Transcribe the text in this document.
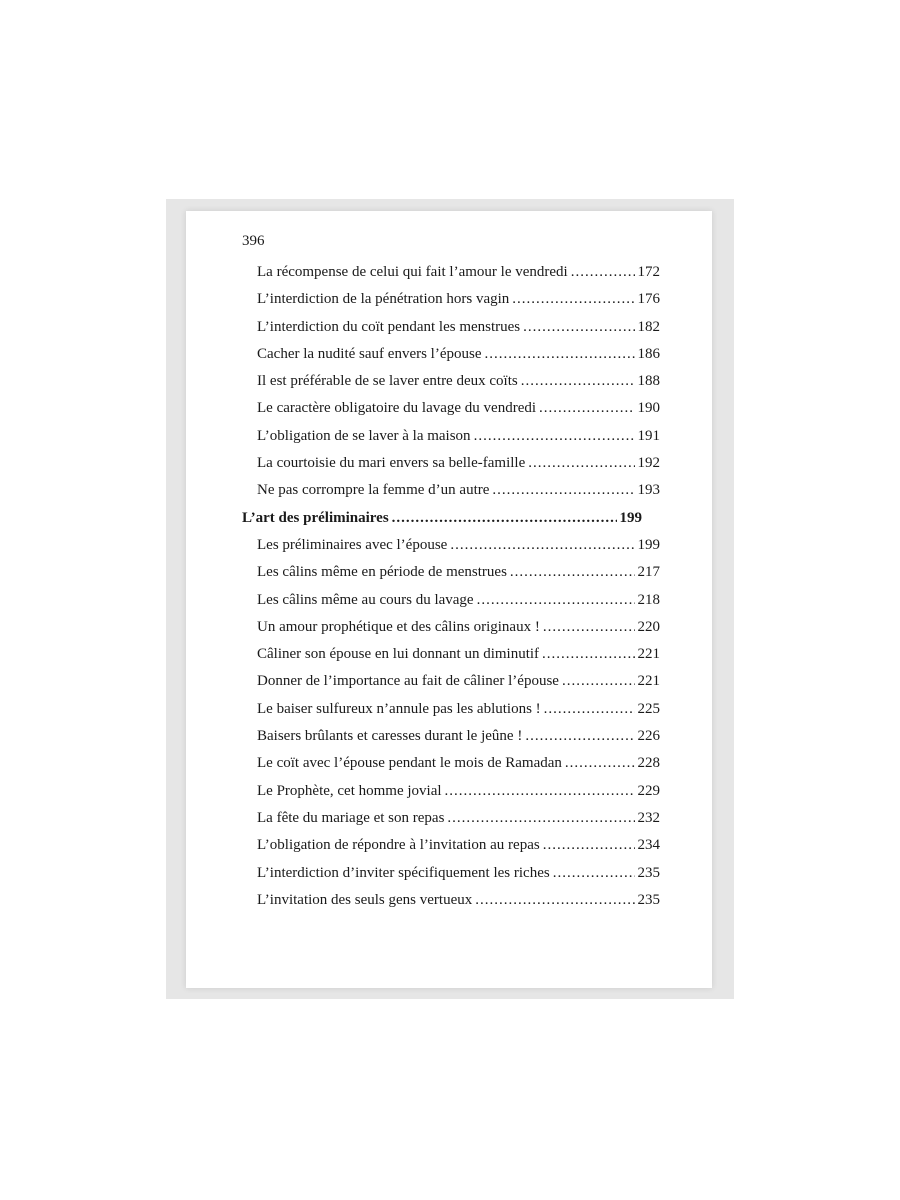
396
La récompense de celui qui fait l’amour le vendredi .....	172
L’interdiction de la pénétration hors vagin .....	176
L’interdiction du coït pendant les menstrues .....	182
Cacher la nudité sauf envers l’épouse .....	186
Il est préférable de se laver entre deux coïts .....	188
Le caractère obligatoire du lavage du vendredi .....	190
L’obligation de se laver à la maison .....	191
La courtoisie du mari envers sa belle-famille .....	192
Ne pas corrompre la femme d’un autre .....	193
L’art des préliminaires .....	199
Les préliminaires avec l’épouse .....	199
Les câlins même en période de menstrues .....	217
Les câlins même au cours du lavage .....	218
Un amour prophétique et des câlins originaux ! .....	220
Câliner son épouse en lui donnant un diminutif .....	221
Donner de l’importance au fait de câliner l’épouse .....	221
Le baiser sulfureux n’annule pas les ablutions ! .....	225
Baisers brûlants et caresses durant le jeûne ! .....	226
Le coït avec l’épouse pendant le mois de Ramadan .....	228
Le Prophète, cet homme jovial .....	229
La fête du mariage et son repas .....	232
L’obligation de répondre à l’invitation au repas .....	234
L’interdiction d’inviter spécifiquement les riches .....	235
L’invitation des seuls gens vertueux .....	235
